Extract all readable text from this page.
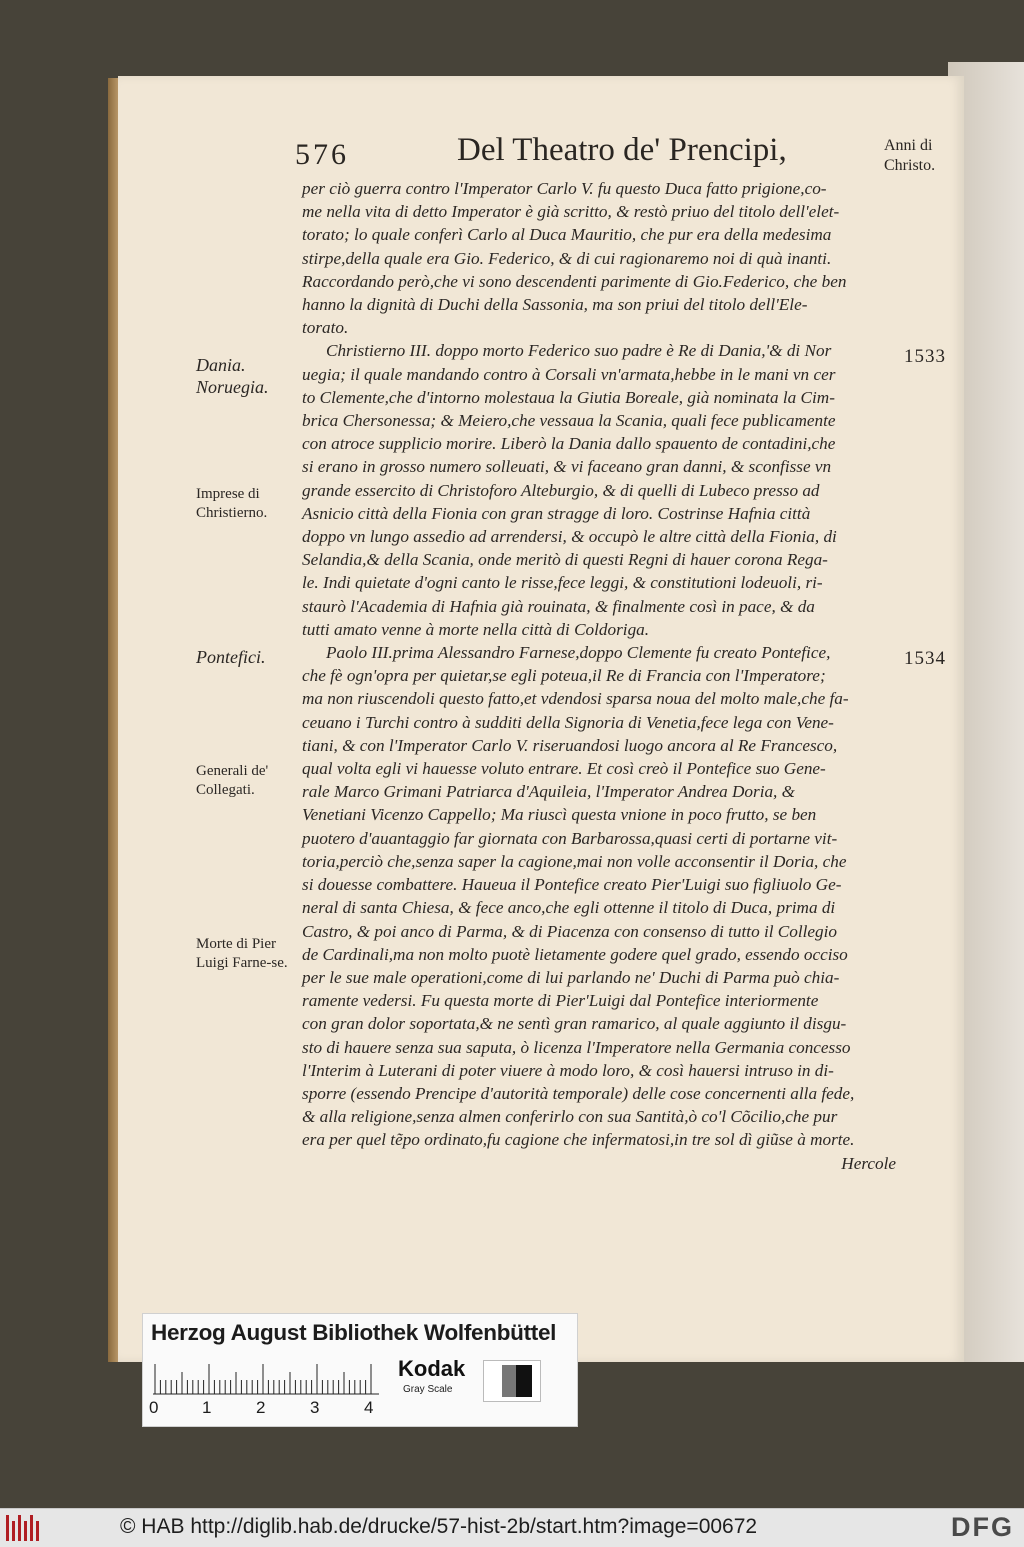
576	Del Theatro de' Prencipi,	Anni di
Christo.
per ciò guerra contro l'Imperator Carlo V. fu questo Duca fatto prigione,co-
me nella vita di detto Imperator è già scritto, & restò priuo del titolo dell'elet-
torato; lo quale conferì Carlo al Duca Mauritio, che pur era della medesima
stirpe,della quale era Gio. Federico, & di cui ragionaremo noi di quà inanti.
Raccordando però,che vi sono descendenti parimente di Gio.Federico, che ben
hanno la dignità di Duchi della Sassonia, ma son priui del titolo dell'Ele-
torato.
Christierno III. doppo morto Federico suo padre è Re di Dania,'& di Nor
uegia; il quale mandando contro à Corsali vn'armata,hebbe in le mani vn cer
to Clemente,che d'intorno molestaua la Giutia Boreale, già nominata la Cim-
brica Chersonessa; & Meiero,che vessaua la Scania, quali fece publicamente
con atroce supplicio morire. Liberò la Dania dallo spauento de contadini,che
si erano in grosso numero solleuati, & vi faceano gran danni, & sconfisse vn
grande essercito di Christoforo Alteburgio, & di quelli di Lubeco presso ad
Asnicio città della Fionia con gran stragge di loro. Costrinse Hafnia città
doppo vn lungo assedio ad arrendersi, & occupò le altre città della Fionia, di
Selandia,& della Scania, onde meritò di questi Regni di hauer corona Rega-
le. Indi quietate d'ogni canto le risse,fece leggi, & constitutioni lodeuoli, ri-
staurò l'Academia di Hafnia già rouinata, & finalmente così in pace, & da
tutti amato venne à morte nella città di Coldoriga.
Paolo III.prima Alessandro Farnese,doppo Clemente fu creato Pontefice,
che fè ogn'opra per quietar,se egli poteua,il Re di Francia con l'Imperatore;
ma non riuscendoli questo fatto,et vdendosi sparsa noua del molto male,che fa-
ceuano i Turchi contro à sudditi della Signoria di Venetia,fece lega con Vene-
tiani, & con l'Imperator Carlo V. riseruandosi luogo ancora al Re Francesco,
qual volta egli vi hauesse voluto entrare. Et così creò il Pontefice suo Gene-
rale Marco Grimani Patriarca d'Aquileia, l'Imperator Andrea Doria, &
Venetiani Vicenzo Cappello; Ma riuscì questa vnione in poco frutto, se ben
puotero d'auantaggio far giornata con Barbarossa,quasi certi di portarne vit-
toria,perciò che,senza saper la cagione,mai non volle acconsentir il Doria, che
si douesse combattere. Haueua il Pontefice creato Pier'Luigi suo figliuolo Ge-
neral di santa Chiesa, & fece anco,che egli ottenne il titolo di Duca, prima di
Castro, & poi anco di Parma, & di Piacenza con consenso di tutto il Collegio
de Cardinali,ma non molto puotè lietamente godere quel grado, essendo occiso
per le sue male operationi,come di lui parlando ne' Duchi di Parma può chia-
ramente vedersi. Fu questa morte di Pier'Luigi dal Pontefice interiormente
con gran dolor soportata,& ne sentì gran ramarico, al quale aggiunto il disgu-
sto di hauere senza sua saputa, ò licenza l'Imperatore nella Germania concesso
l'Interim à Luterani di poter viuere à modo loro, & così hauersi intruso in di-
sporre (essendo Prencipe d'autorità temporale) delle cose concernenti alla fede,
& alla religione,senza almen conferirlo con sua Santità,ò co'l Cõcilio,che pur
era per quel tẽpo ordinato,fu cagione che infermatosi,in tre sol dì giũse à morte.
Hercole
Dania.
Noruegia.
Imprese di Christierno.
Pontefici.
Generali de' Collegati.
Morte di Pier Luigi Farne-se.
1533
1534
Herzog August Bibliothek Wolfenbüttel
0	1	2	3	4
Kodak
Gray Scale
© HAB http://diglib.hab.de/drucke/57-hist-2b/start.htm?image=00672	DFG
